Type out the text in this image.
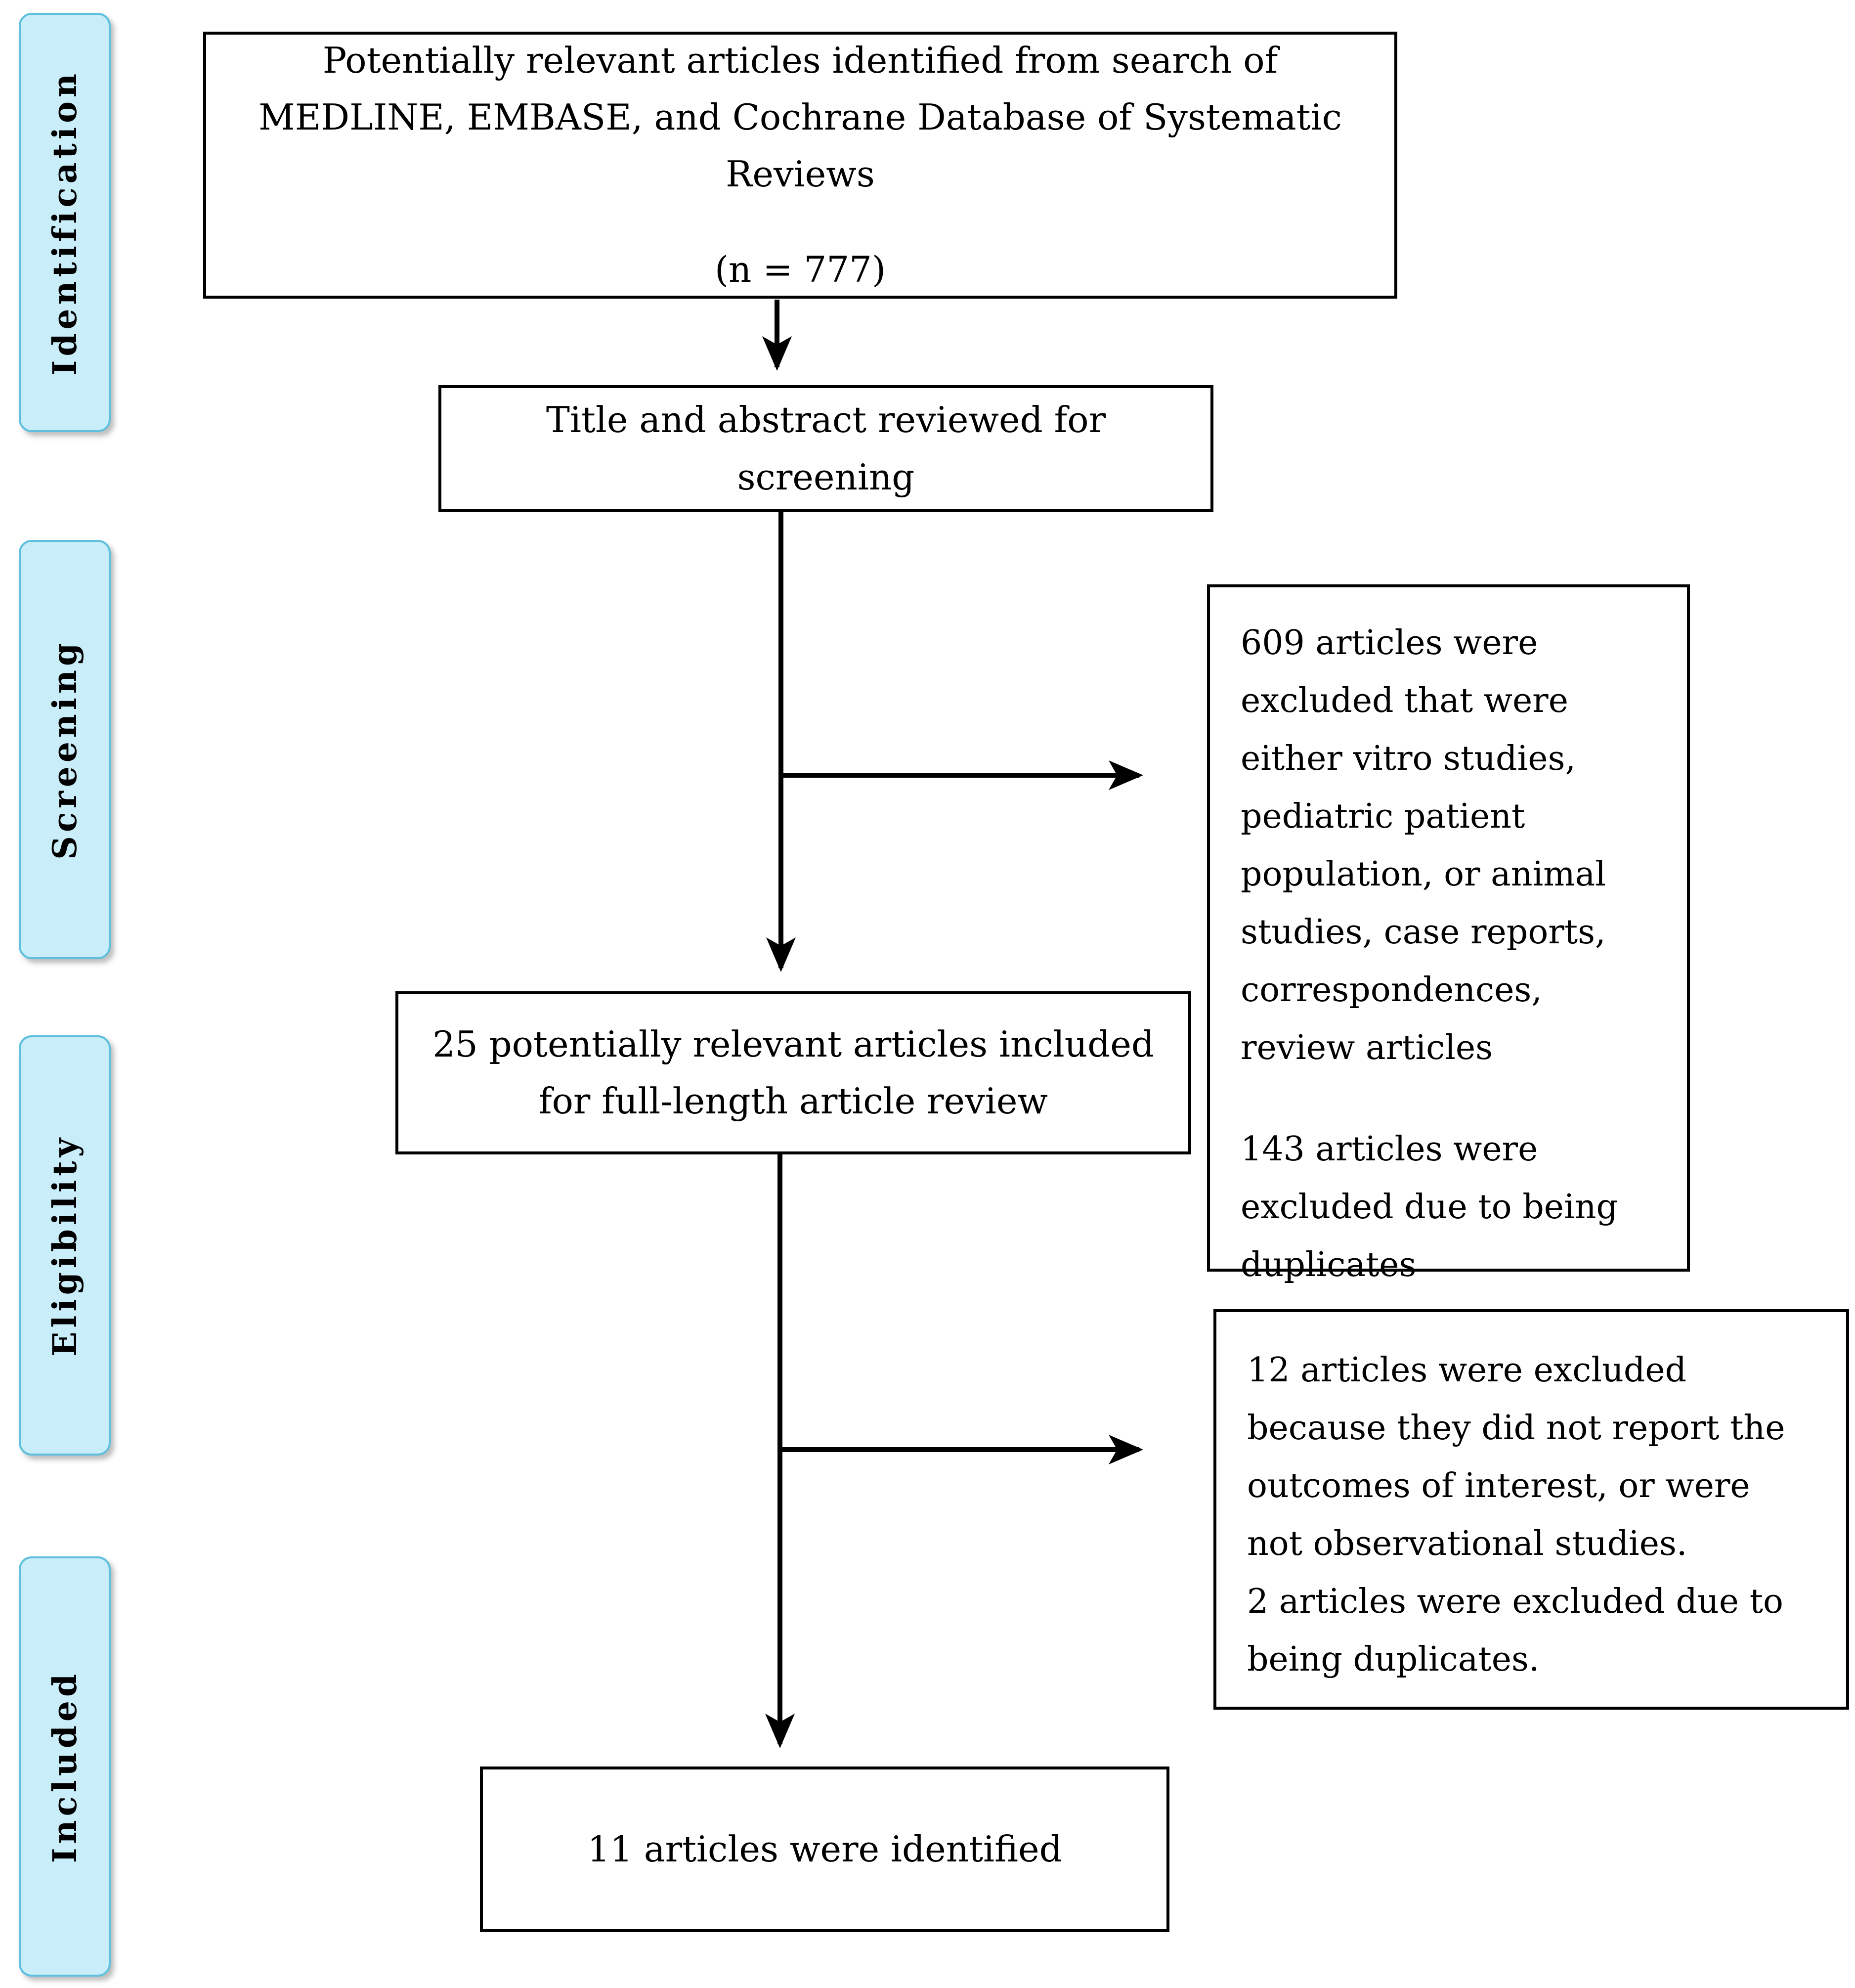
Identification
Screening
Eligibility
Included
Potentially relevant articles identified from search of MEDLINE, EMBASE, and Cochrane Database of Systematic Reviews
(n = 777)
Title and abstract reviewed for screening
609 articles were excluded that were either vitro studies, pediatric patient population, or animal studies, case reports, correspondences, review articles
143 articles were excluded due to being duplicates
25 potentially relevant articles included for full-length article review
12 articles were excluded because they did not report the outcomes of interest, or were not observational studies.
2 articles were excluded due to being duplicates.
11 articles were identified
